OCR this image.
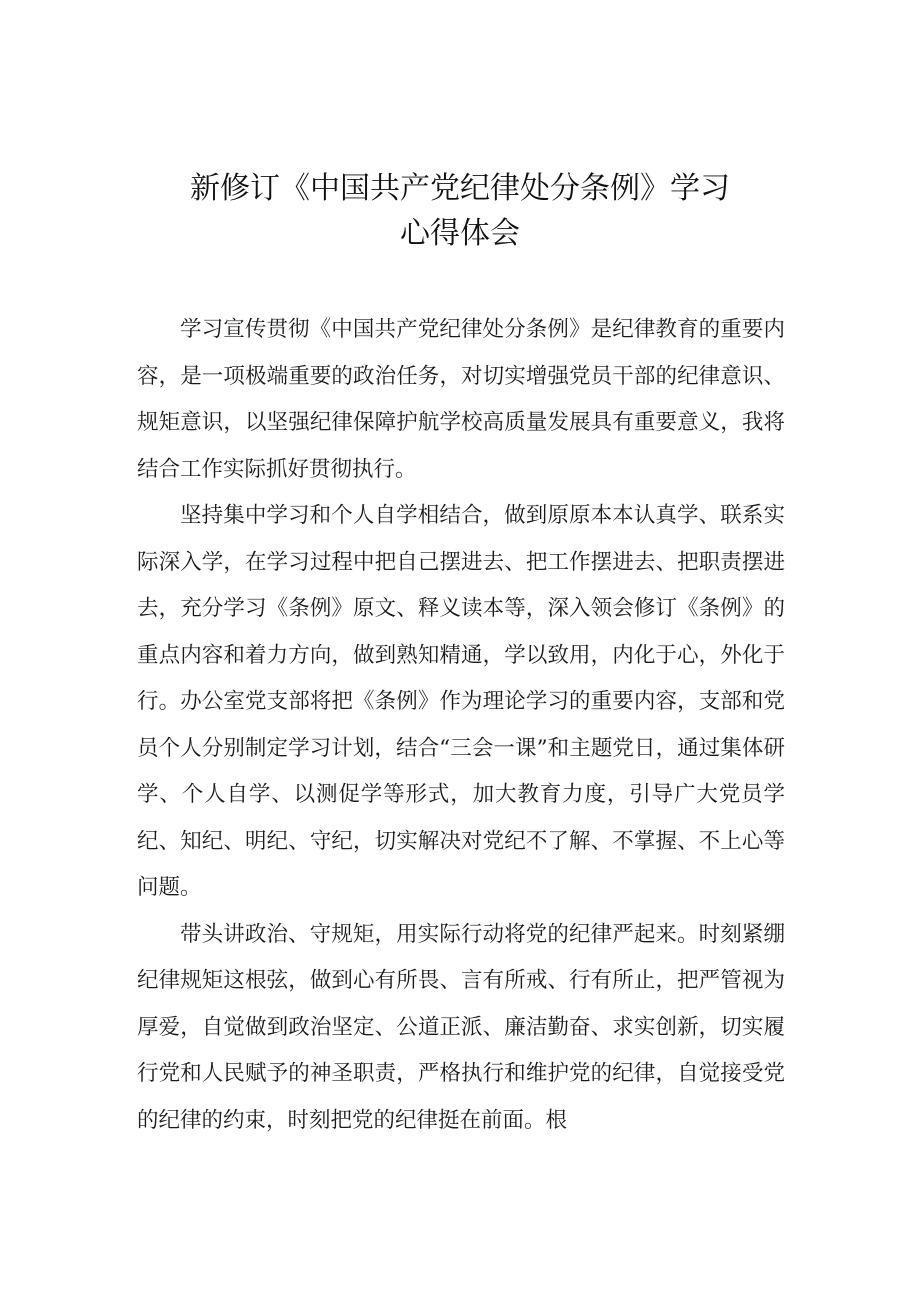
新修订《中国共产党纪律处分条例》学习
心得体会

学习宣传贯彻《中国共产党纪律处分条例》是纪律教育的重要内容，是一项极端重要的政治任务，对切实增强党员干部的纪律意识、规矩意识，以坚强纪律保障护航学校高质量发展具有重要意义，我将结合工作实际抓好贯彻执行。

坚持集中学习和个人自学相结合，做到原原本本认真学、联系实际深入学，在学习过程中把自己摆进去、把工作摆进去、把职责摆进去，充分学习《条例》原文、释义读本等，深入领会修订《条例》的重点内容和着力方向，做到熟知精通，学以致用，内化于心，外化于行。办公室党支部将把《条例》作为理论学习的重要内容，支部和党员个人分别制定学习计划，结合“三会一课”和主题党日，通过集体研学、个人自学、以测促学等形式，加大教育力度，引导广大党员学纪、知纪、明纪、守纪，切实解决对党纪不了解、不掌握、不上心等问题。

带头讲政治、守规矩，用实际行动将党的纪律严起来。时刻紧绷纪律规矩这根弦，做到心有所畏、言有所戒、行有所止，把严管视为厚爱，自觉做到政治坚定、公道正派、廉洁勤奋、求实创新，切实履行党和人民赋予的神圣职责，严格执行和维护党的纪律，自觉接受党的纪律的约束，时刻把党的纪律挺在前面。根
